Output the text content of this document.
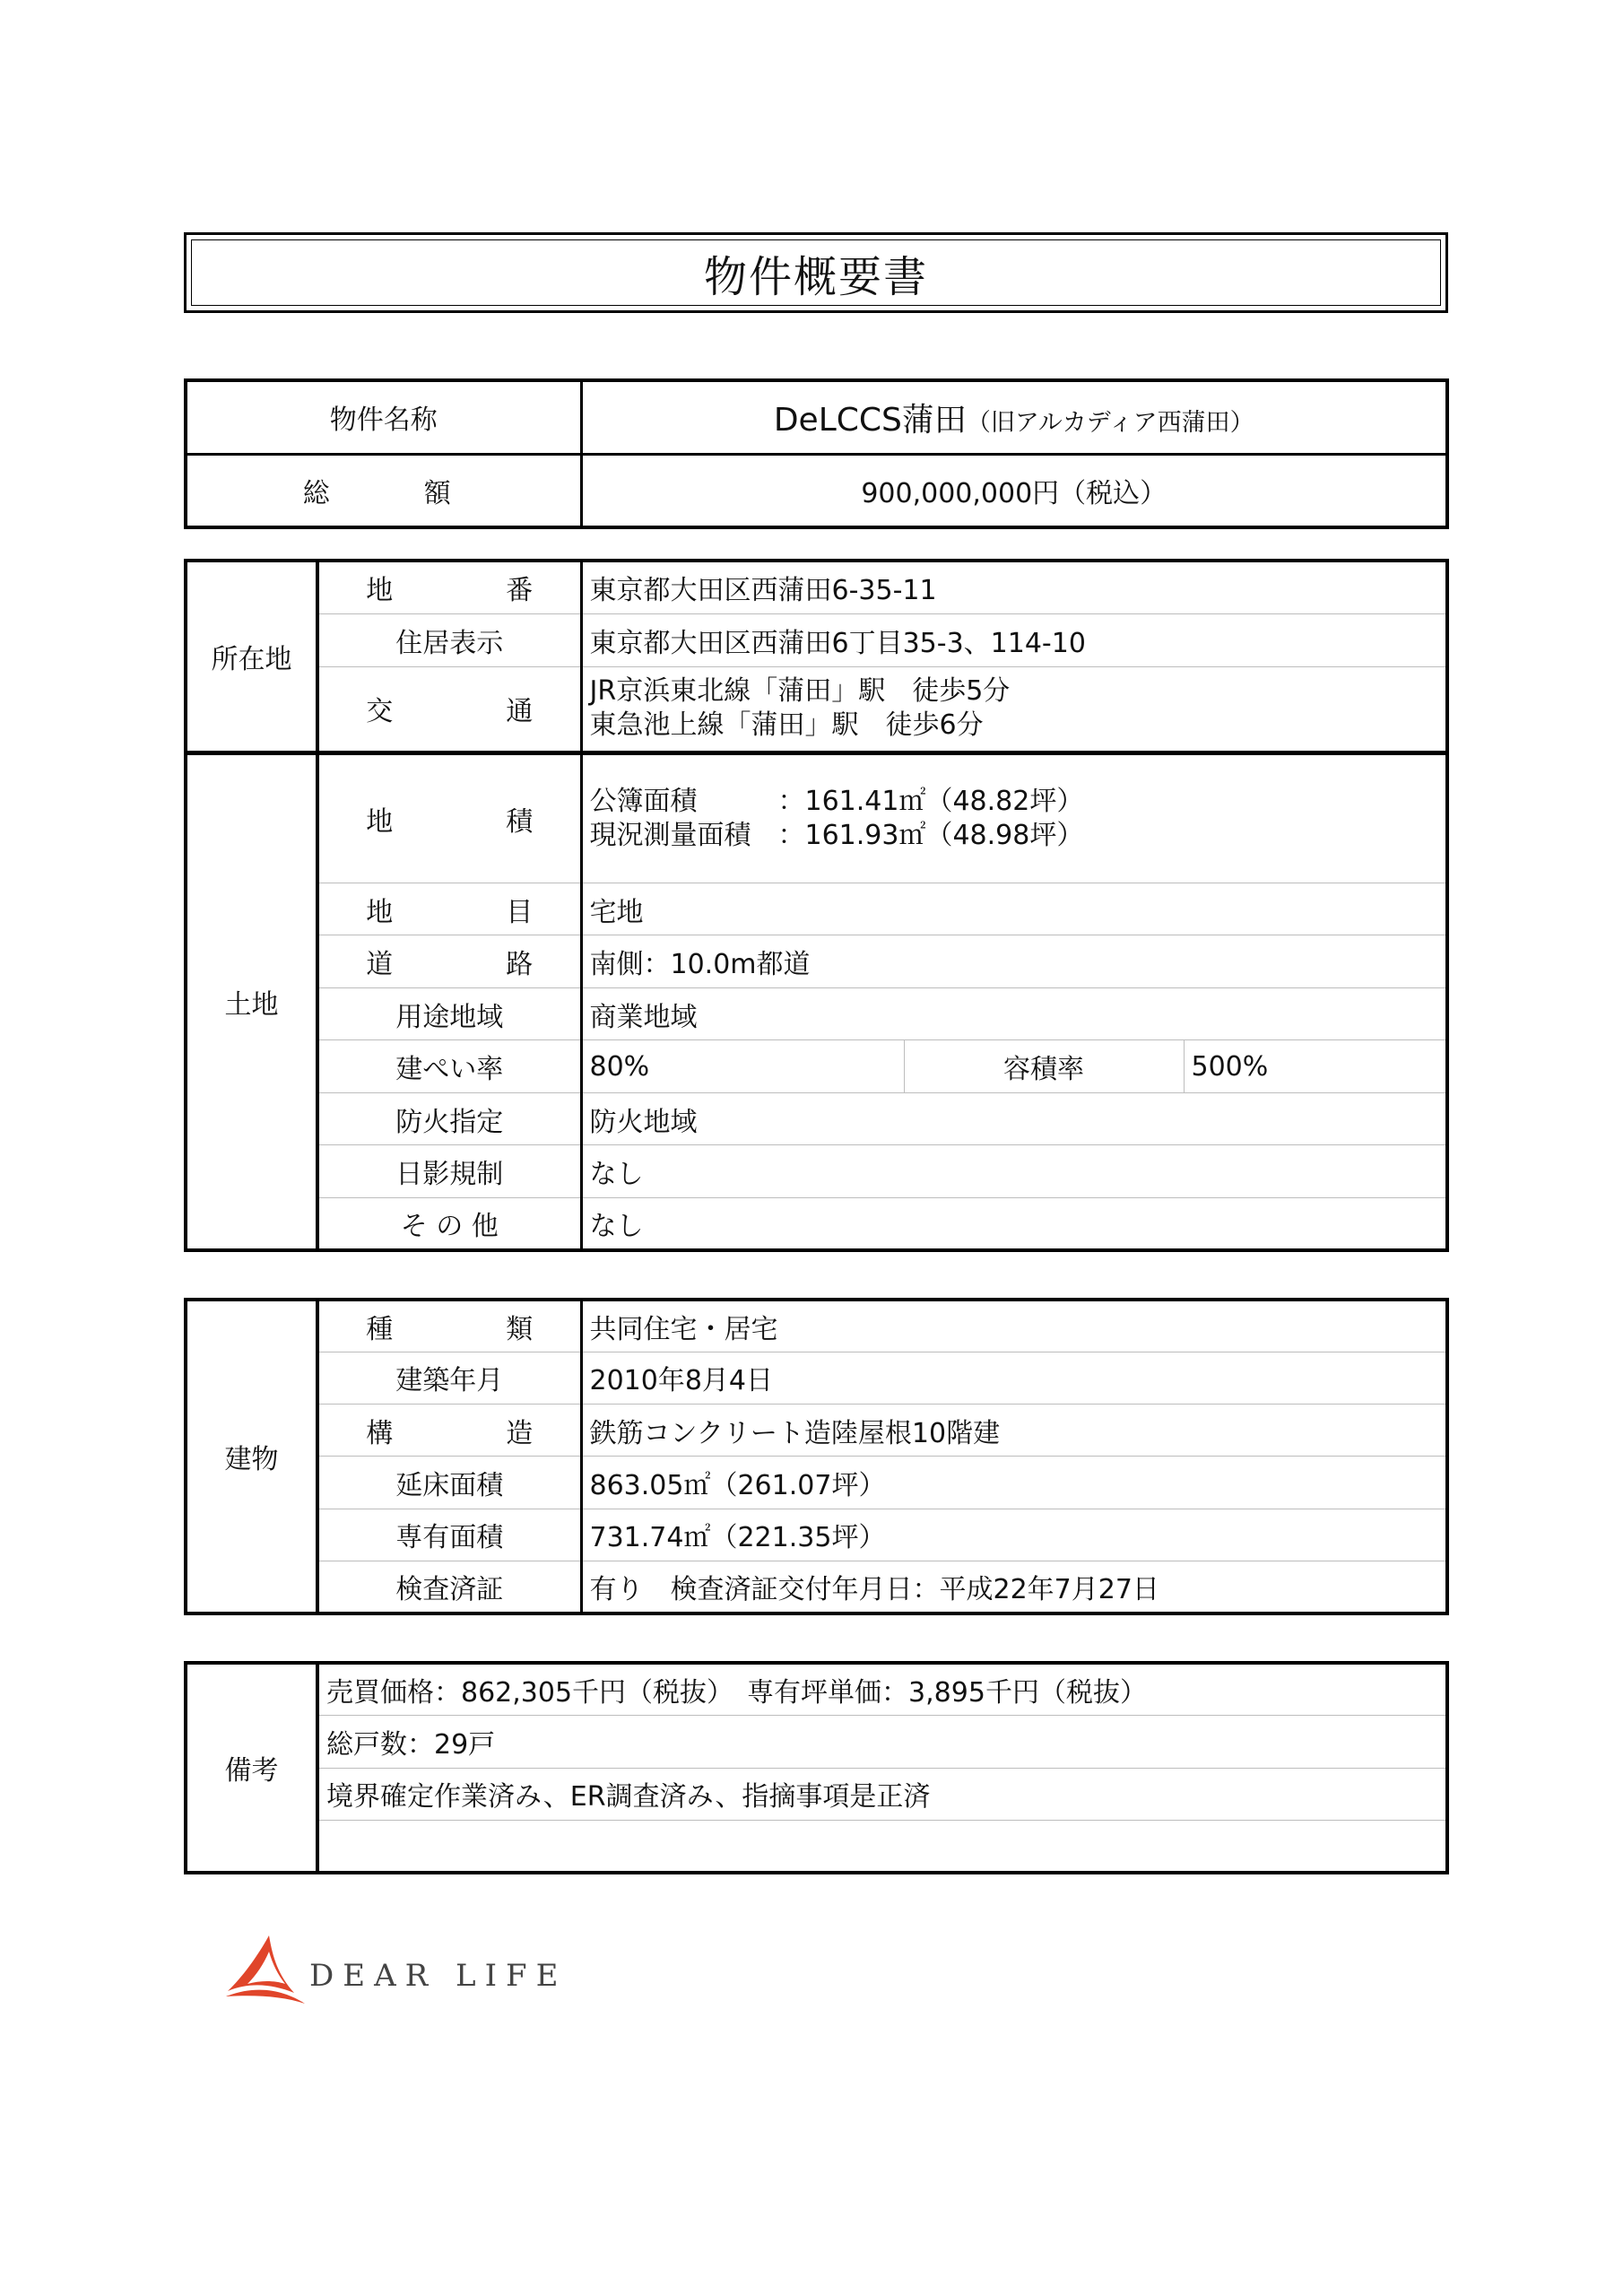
物件概要書
物件名称	DeLCCS蒲田（旧アルカディア西蒲田）
総　　額	900,000,000円（税込）
所在地	地　番	東京都大田区西蒲田6-35-11
	住居表示	東京都大田区西蒲田6丁目35-3、114-10
	交　通	JR京浜東北線「蒲田」駅　徒歩5分
東急池上線「蒲田」駅　徒歩6分
土地	地　積	公簿面積　　　：161.41㎡（48.82坪）
現況測量面積　：161.93㎡（48.98坪）		

	地　目	宅地		
	道　路	南側：10.0m都道		
	用途地域	商業地域		
	建ぺい率	80%	容積率	500%
	防火指定	防火地域		
	日影規制	なし		
	そ の 他	なし		
建物	種　類	共同住宅・居宅
	建築年月	2010年8月4日
	構　造	鉄筋コンクリート造陸屋根10階建
	延床面積	863.05㎡（261.07坪）
	専有面積	731.74㎡（221.35坪）
	検査済証	有り　検査済証交付年月日：平成22年7月27日
備考	売買価格：862,305千円（税抜）　専有坪単価：3,895千円（税抜）
総戸数：29戸
境界確定作業済み、ER調査済み、指摘事項是正済

DEAR LIFE
